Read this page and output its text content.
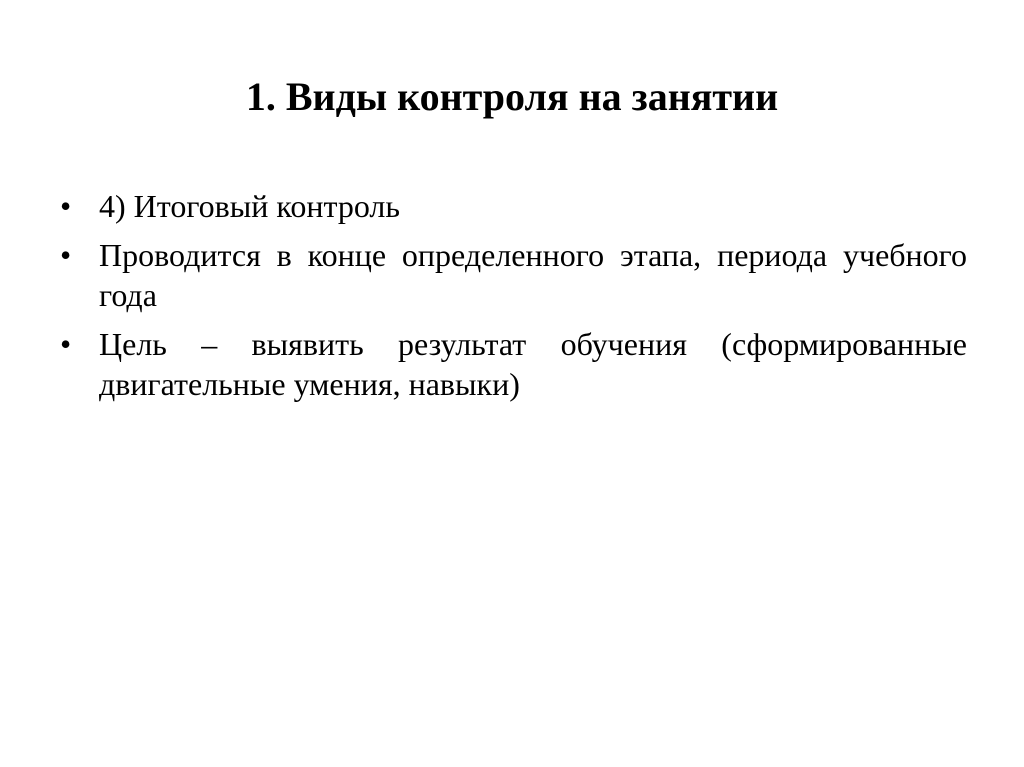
1. Виды контроля на занятии
• 4) Итоговый контроль
• Проводится в конце определенного этапа, периода учебного года
• Цель – выявить результат обучения (сформированные двигательные умения, навыки)
